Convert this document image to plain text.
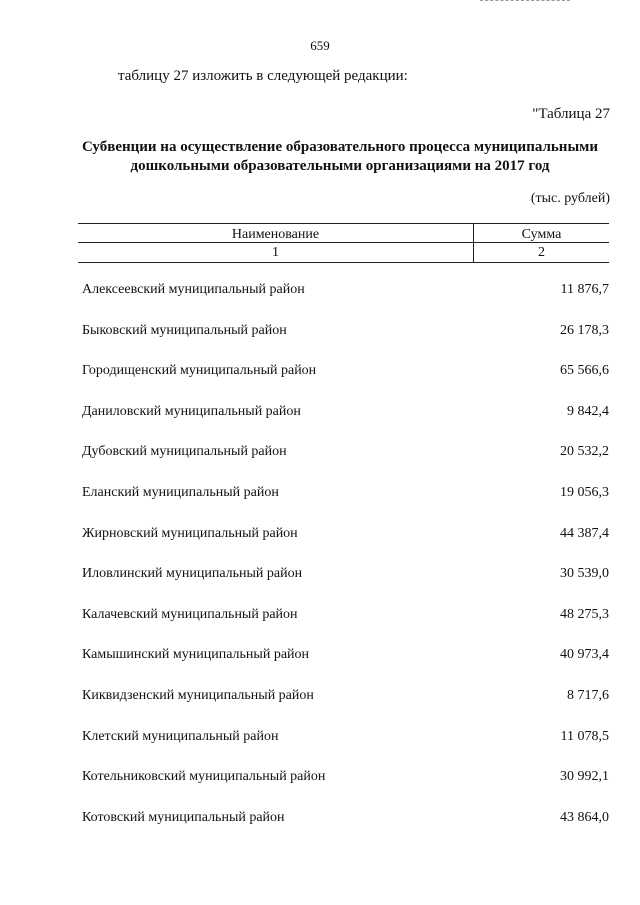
659
таблицу 27 изложить в следующей редакции:
"Таблица 27
Субвенции на осуществление образовательного процесса муниципальными
дошкольными образовательными организациями на 2017 год
(тыс. рублей)
Наименование	Сумма
1	2
Алексеевский муниципальный район	11 876,7
Быковский муниципальный район	26 178,3
Городищенский муниципальный район	65 566,6
Даниловский муниципальный район	9 842,4
Дубовский муниципальный район	20 532,2
Еланский муниципальный район	19 056,3
Жирновский муниципальный район	44 387,4
Иловлинский муниципальный район	30 539,0
Калачевский муниципальный район	48 275,3
Камышинский муниципальный район	40 973,4
Киквидзенский муниципальный район	8 717,6
Клетский муниципальный район	11 078,5
Котельниковский муниципальный район	30 992,1
Котовский муниципальный район	43 864,0
